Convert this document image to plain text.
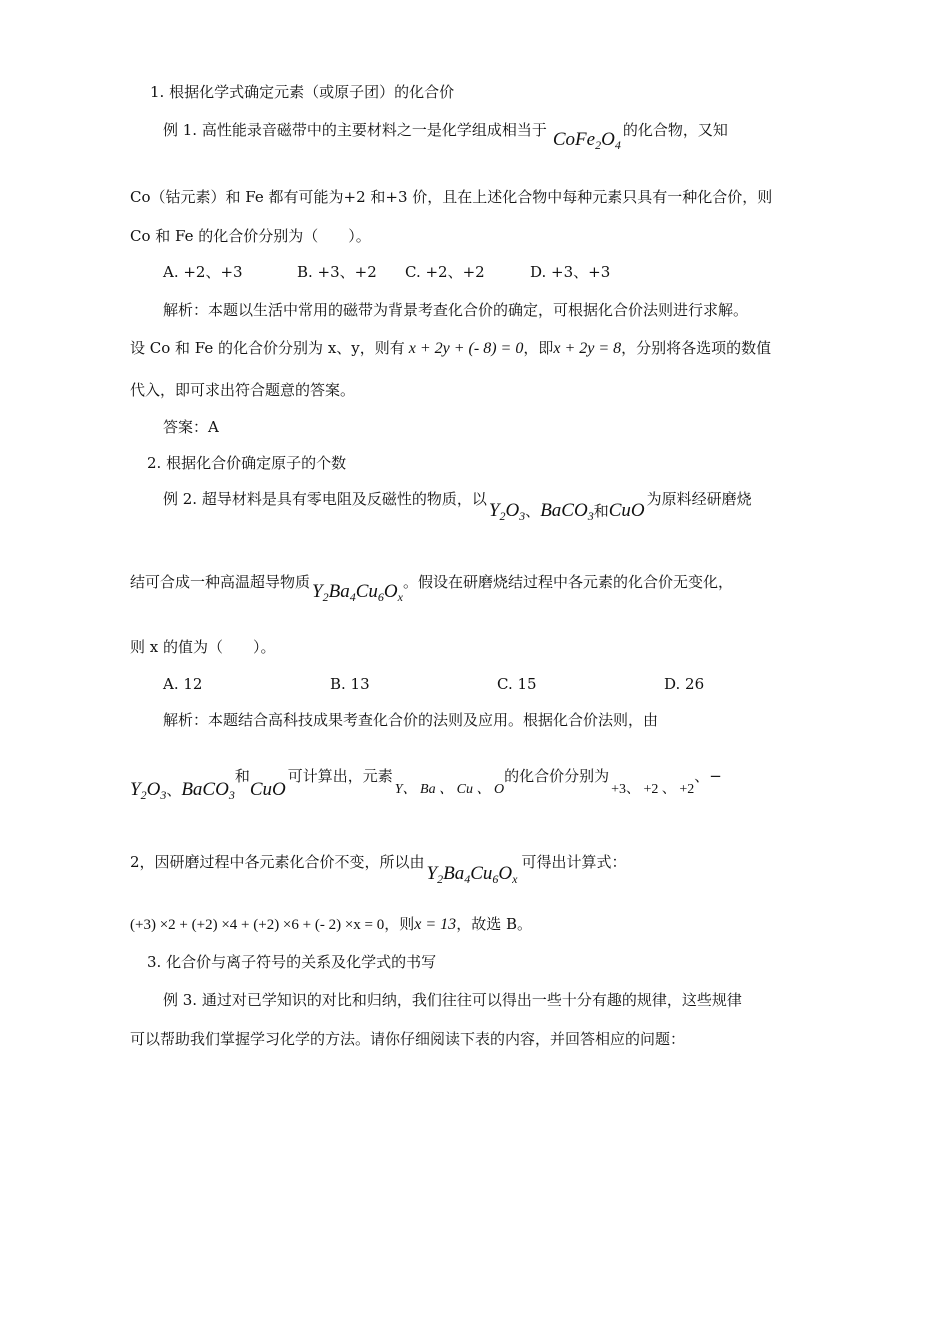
1. 根据化学式确定元素（或原子团）的化合价
例 1. 高性能录音磁带中的主要材料之一是化学组成相当于 $CoFe_2O_4$的化合物，又知
Co（钴元素）和 Fe 都有可能为+2 和+3 价，且在上述化合物中每种元素只具有一种化合价，则
Co 和 Fe 的化合价分别为（　　）。
A. +2、+3	B. +3、+2 C. +2、+2	D. +3、+3
解析：本题以生活中常用的磁带为背景考查化合价的确定，可根据化合价法则进行求解。
设 Co 和 Fe 的化合价分别为 x、y，则有 x + 2y + (- 8) = 0，即x + 2y = 8，分别将各选项的数值
代入，即可求出符合题意的答案。
答案：A
2. 根据化合价确定原子的个数
例 2. 超导材料是具有零电阻及反磁性的物质，以$Y_2O_3$、BaCO$_3$和CuO为原料经研磨烧
结可合成一种高温超导物质 $Y_2Ba_4Cu_6O_x$。假设在研磨烧结过程中各元素的化合价无变化，
则 x 的值为（　　）。
A. 12	B. 13	C. 15	D. 26
解析：本题结合高科技成果考查化合价的法则及应用。根据化合价法则，由
$Y_2O_3$、BaCO$_3$和CuO可计算出，元素Y、 Ba 、 Cu 、 O的化合价分别为+3、 +2 、 +2、−
2，因研磨过程中各元素化合价不变，所以由$Y_2Ba_4Cu_6O_x$可得出计算式：
(+3) ×2 + (+2) ×4 + (+2) ×6 + (- 2) ×x = 0，则x = 13，故选 B。
3. 化合价与离子符号的关系及化学式的书写
例 3. 通过对已学知识的对比和归纳，我们往往可以得出一些十分有趣的规律，这些规律
可以帮助我们掌握学习化学的方法。请你仔细阅读下表的内容，并回答相应的问题：
